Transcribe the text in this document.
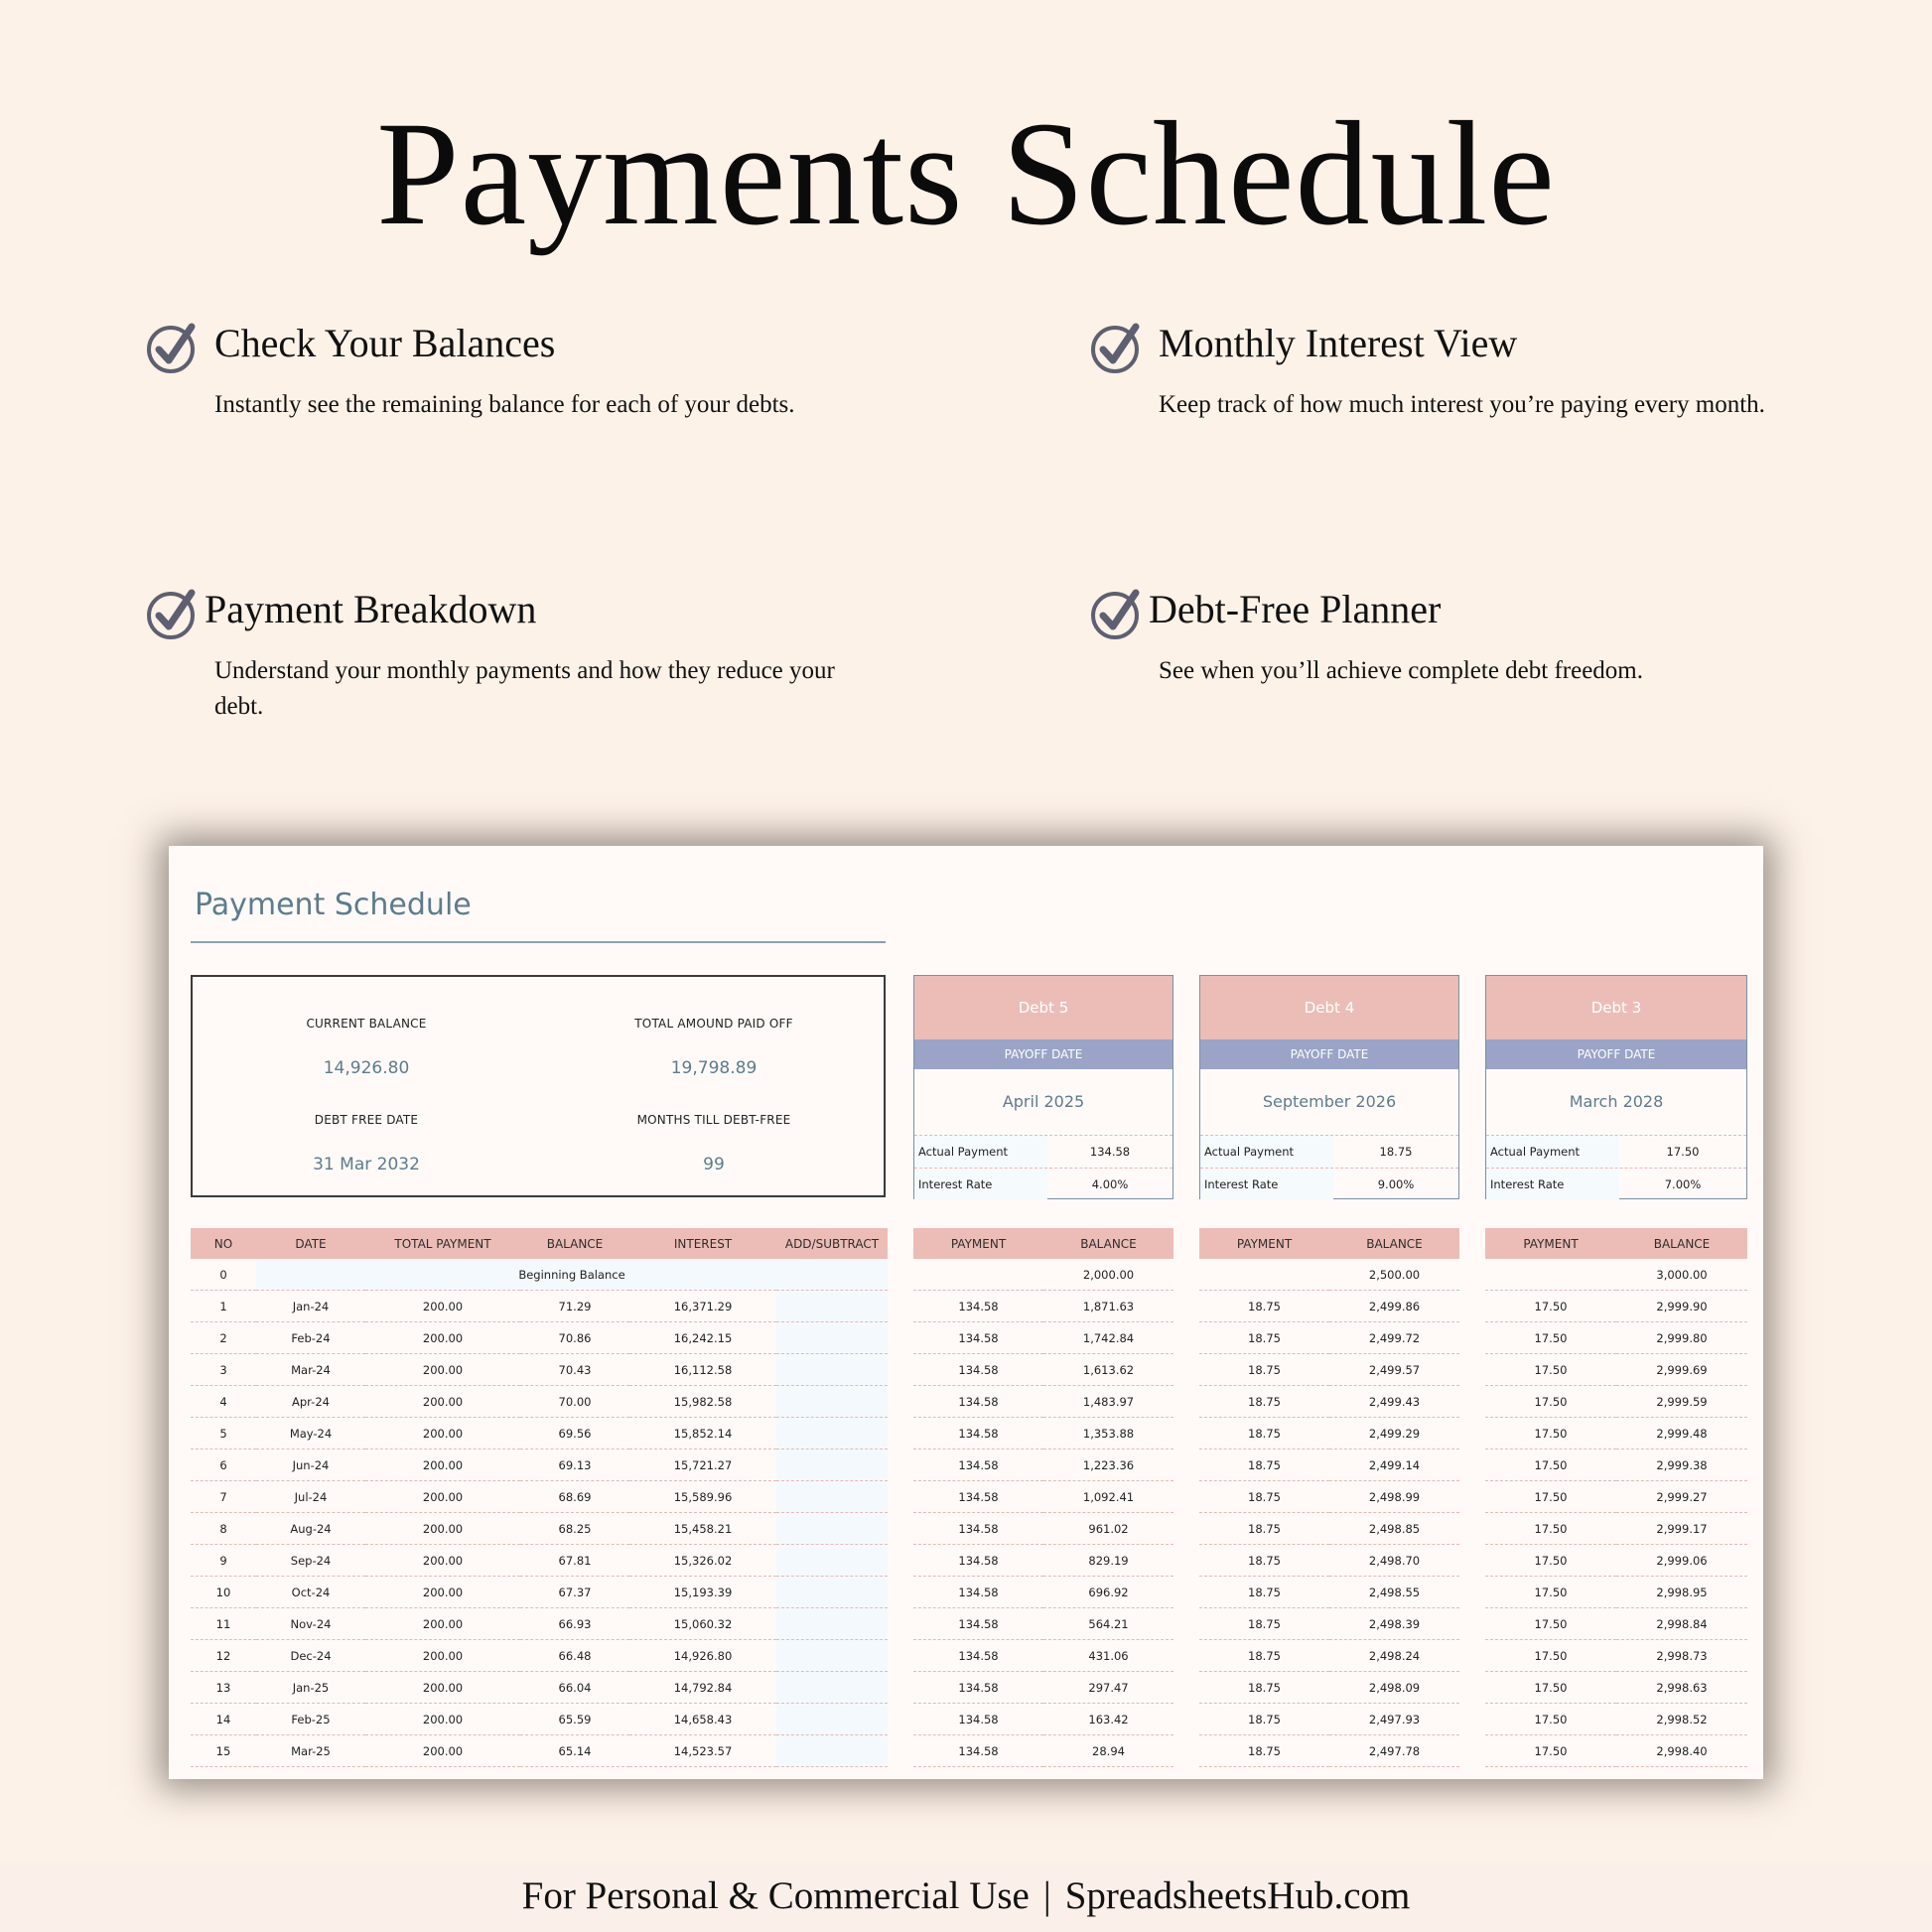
Payments Schedule
Check Your Balances
Instantly see the remaining balance for each of your debts.
Monthly Interest View
Keep track of how much interest you’re paying every month.
Payment Breakdown
Understand your monthly payments and how they reduce your debt.
Debt-Free Planner
See when you’ll achieve complete debt freedom.
Payment Schedule
CURRENT BALANCE
14,926.80
TOTAL AMOUND PAID OFF
19,798.89
DEBT FREE DATE
31 Mar 2032
MONTHS TILL DEBT-FREE
99
Debt 5
PAYOFF DATE
April 2025
Actual Payment	134.58
Interest Rate	4.00%
Debt 4
PAYOFF DATE
September 2026
Actual Payment	18.75
Interest Rate	9.00%
Debt 3
PAYOFF DATE
March 2028
Actual Payment	17.50
Interest Rate	7.00%
NO	DATE	TOTAL PAYMENT	BALANCE	INTEREST	ADD/SUBTRACT
0	Beginning Balance				
1	Jan-24	200.00	71.29	16,371.29	
2	Feb-24	200.00	70.86	16,242.15	
3	Mar-24	200.00	70.43	16,112.58	
4	Apr-24	200.00	70.00	15,982.58	
5	May-24	200.00	69.56	15,852.14	
6	Jun-24	200.00	69.13	15,721.27	
7	Jul-24	200.00	68.69	15,589.96	
8	Aug-24	200.00	68.25	15,458.21	
9	Sep-24	200.00	67.81	15,326.02	
10	Oct-24	200.00	67.37	15,193.39	
11	Nov-24	200.00	66.93	15,060.32	
12	Dec-24	200.00	66.48	14,926.80	
13	Jan-25	200.00	66.04	14,792.84	
14	Feb-25	200.00	65.59	14,658.43	
15	Mar-25	200.00	65.14	14,523.57	
PAYMENT	BALANCE
	2,000.00
134.58	1,871.63
134.58	1,742.84
134.58	1,613.62
134.58	1,483.97
134.58	1,353.88
134.58	1,223.36
134.58	1,092.41
134.58	961.02
134.58	829.19
134.58	696.92
134.58	564.21
134.58	431.06
134.58	297.47
134.58	163.42
134.58	28.94
PAYMENT	BALANCE
	2,500.00
18.75	2,499.86
18.75	2,499.72
18.75	2,499.57
18.75	2,499.43
18.75	2,499.29
18.75	2,499.14
18.75	2,498.99
18.75	2,498.85
18.75	2,498.70
18.75	2,498.55
18.75	2,498.39
18.75	2,498.24
18.75	2,498.09
18.75	2,497.93
18.75	2,497.78
PAYMENT	BALANCE
	3,000.00
17.50	2,999.90
17.50	2,999.80
17.50	2,999.69
17.50	2,999.59
17.50	2,999.48
17.50	2,999.38
17.50	2,999.27
17.50	2,999.17
17.50	2,999.06
17.50	2,998.95
17.50	2,998.84
17.50	2,998.73
17.50	2,998.63
17.50	2,998.52
17.50	2,998.40
For Personal & Commercial Use | SpreadsheetsHub.com
